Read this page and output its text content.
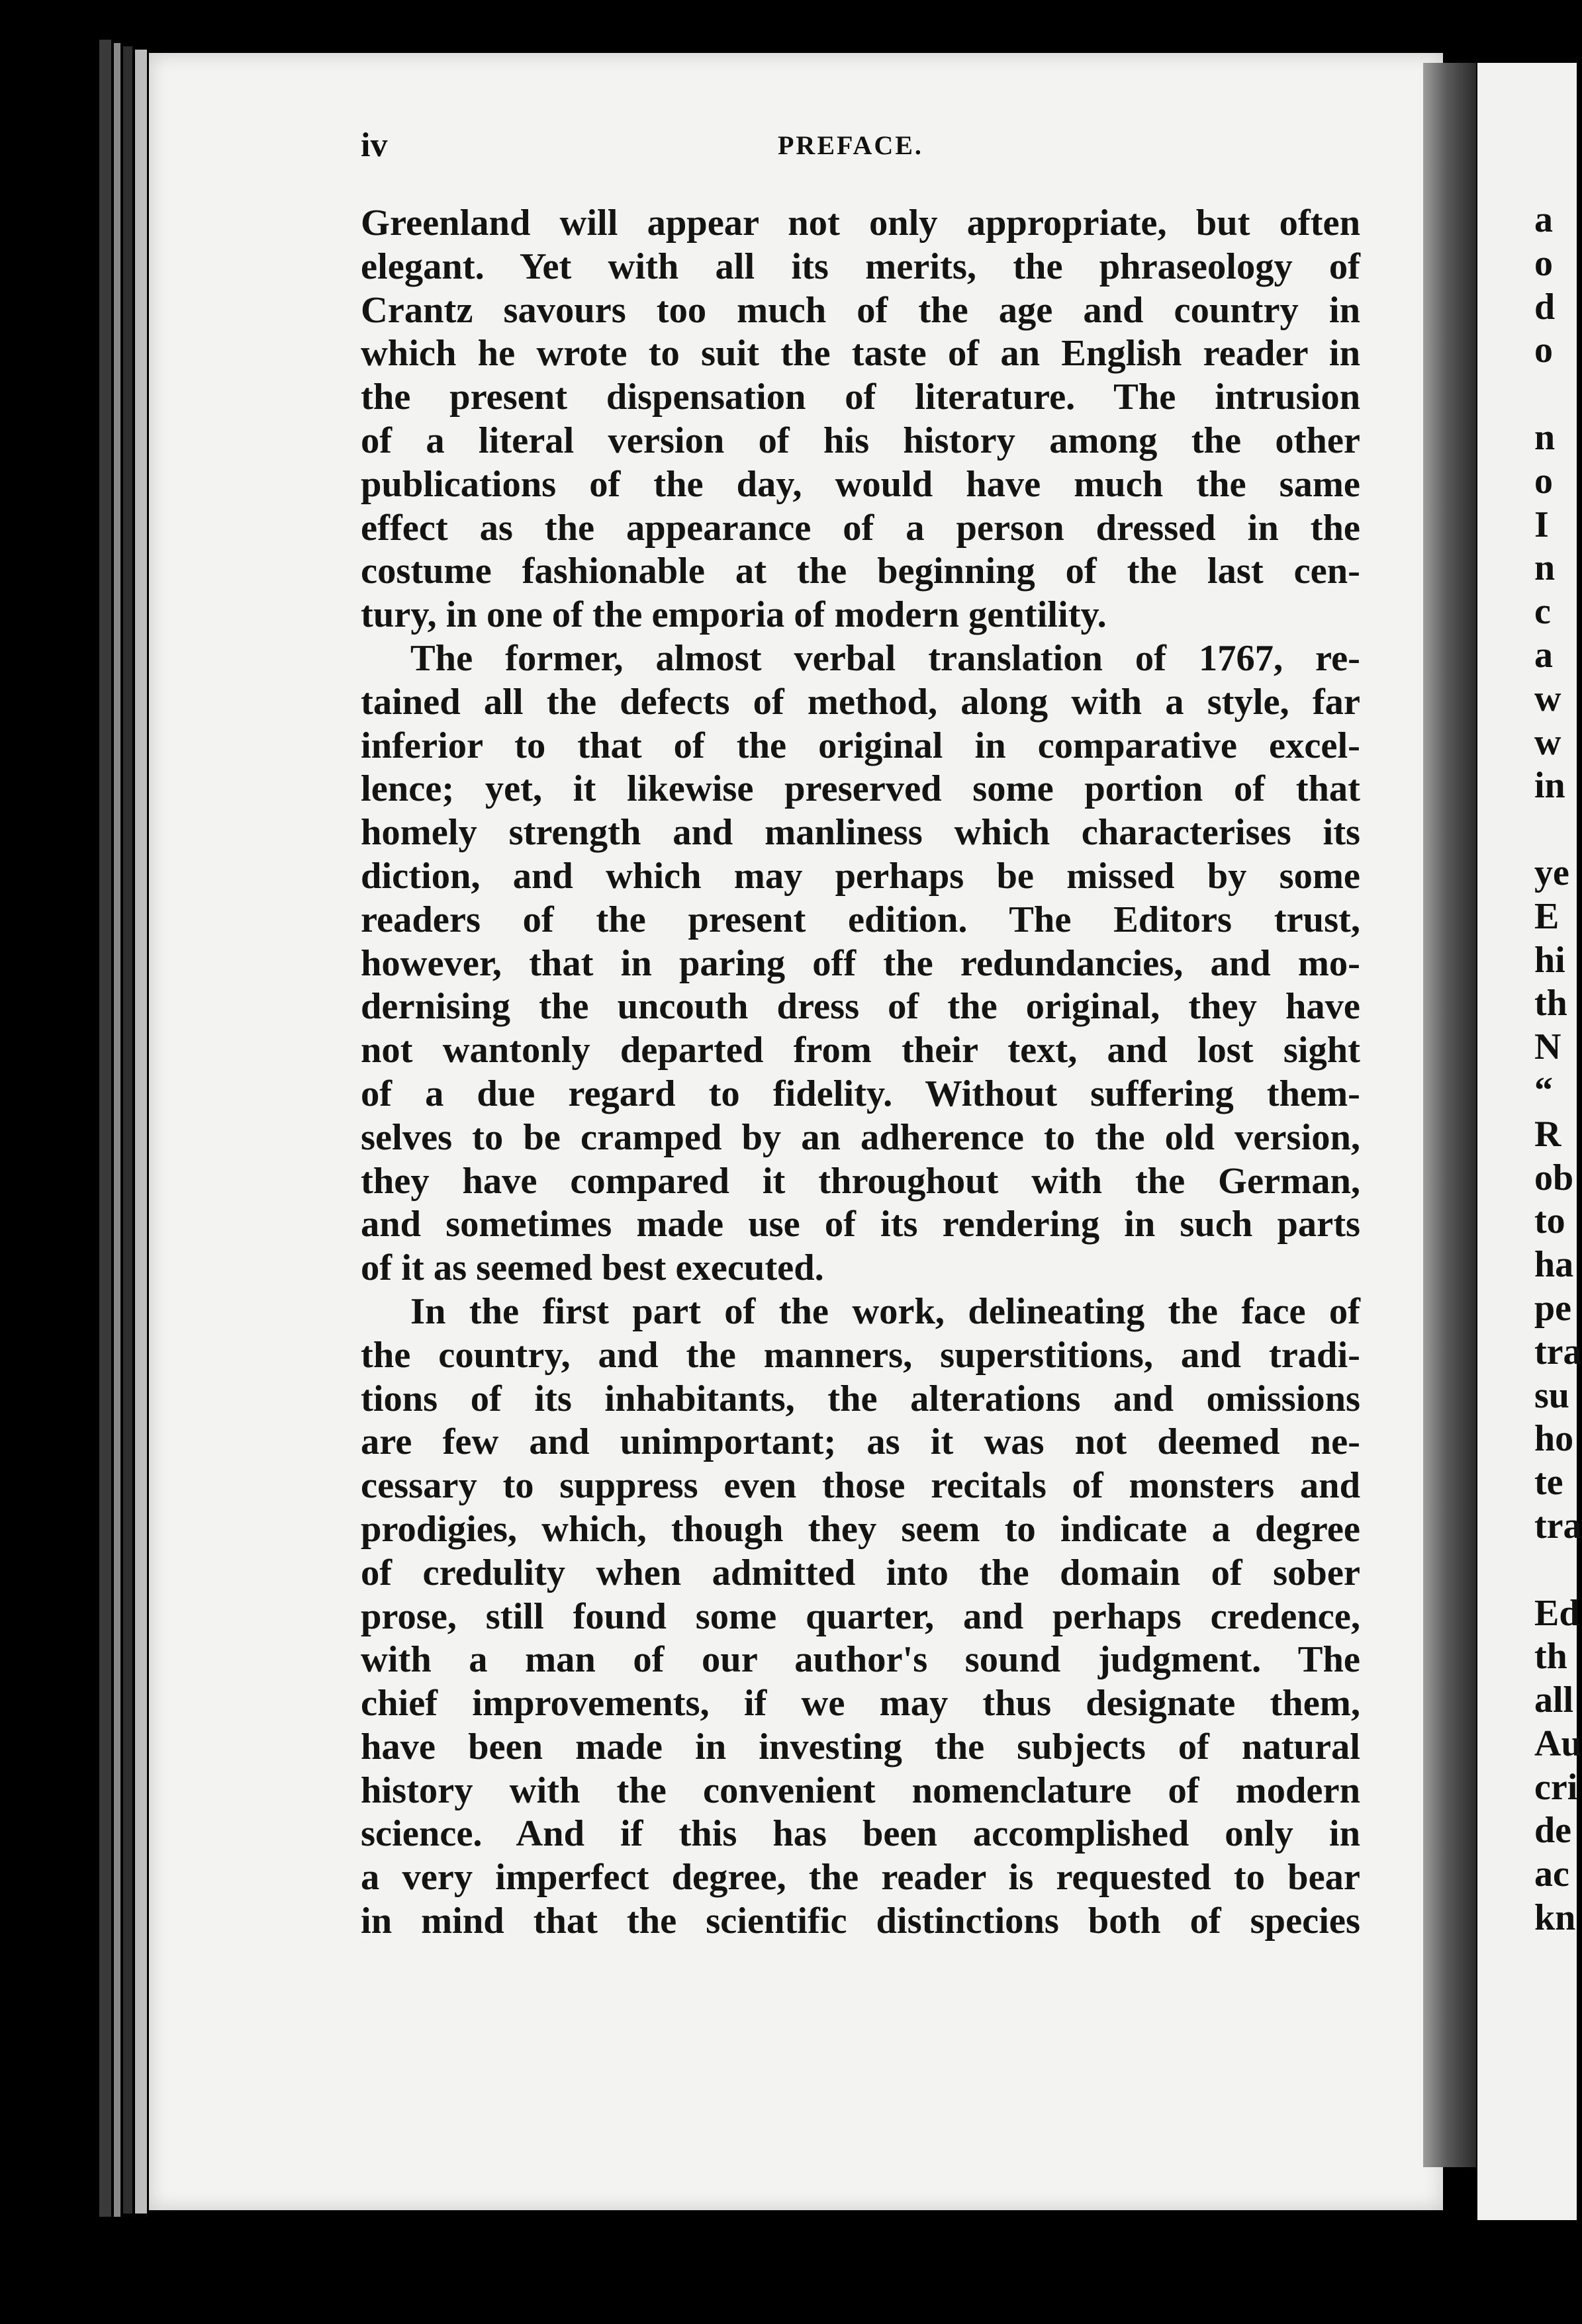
a
o
d
o

n
o
I
n
c
a
w
w
in

ye
E
hi
th
N
“
R
ob
to
ha
pe
tra
su
ho
te
tra

Ed
th
all
Au
cri
de
ac
kn
iv	PREFACE.
Greenland will appear not only appropriate, but often
elegant. Yet with all its merits, the phraseology of
Crantz savours too much of the age and country in
which he wrote to suit the taste of an English reader in
the present dispensation of literature. The intrusion
of a literal version of his history among the other
publications of the day, would have much the same
effect as the appearance of a person dressed in the
costume fashionable at the beginning of the last cen-
tury, in one of the emporia of modern gentility.
The former, almost verbal translation of 1767, re-
tained all the defects of method, along with a style, far
inferior to that of the original in comparative excel-
lence; yet, it likewise preserved some portion of that
homely strength and manliness which characterises its
diction, and which may perhaps be missed by some
readers of the present edition. The Editors trust,
however, that in paring off the redundancies, and mo-
dernising the uncouth dress of the original, they have
not wantonly departed from their text, and lost sight
of a due regard to fidelity. Without suffering them-
selves to be cramped by an adherence to the old version,
they have compared it throughout with the German,
and sometimes made use of its rendering in such parts
of it as seemed best executed.
In the first part of the work, delineating the face of
the country, and the manners, superstitions, and tradi-
tions of its inhabitants, the alterations and omissions
are few and unimportant; as it was not deemed ne-
cessary to suppress even those recitals of monsters and
prodigies, which, though they seem to indicate a degree
of credulity when admitted into the domain of sober
prose, still found some quarter, and perhaps credence,
with a man of our author's sound judgment. The
chief improvements, if we may thus designate them,
have been made in investing the subjects of natural
history with the convenient nomenclature of modern
science. And if this has been accomplished only in
a very imperfect degree, the reader is requested to bear
in mind that the scientific distinctions both of species
